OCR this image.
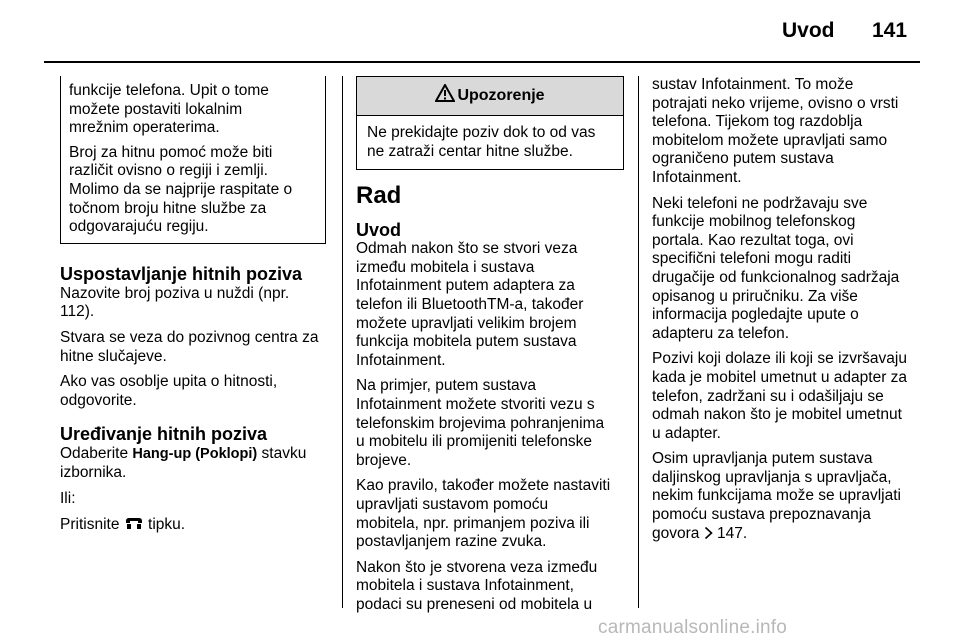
Uvod 141

funkcije telefona. Upit o tome
možete postaviti lokalnim
mrežnim operaterima.

Broj za hitnu pomoć može biti
različit ovisno o regiji i zemlji.
Molimo da se najprije raspitate o
točnom broju hitne službe za
odgovarajuću regiju.

Uspostavljanje hitnih poziva

Nazovite broj poziva u nuždi (npr.
112).

Stvara se veza do pozivnog centra za
hitne slučajeve.

Ako vas osoblje upita o hitnosti,
odgovorite.

Uređivanje hitnih poziva

Odaberite Hang-up (Poklopi) stavku
izbornika.

Ili:

Pritisnite  tipku.

Upozorenje

Ne prekidajte poziv dok to od vas
ne zatraži centar hitne službe.

Rad
Uvod

Odmah nakon što se stvori veza
između mobitela i sustava
Infotainment putem adaptera za
telefon ili BluetoothTM-a, također
možete upravljati velikim brojem
funkcija mobitela putem sustava
Infotainment.

Na primjer, putem sustava
Infotainment možete stvoriti vezu s
telefonskim brojevima pohranjenima
u mobitelu ili promijeniti telefonske
brojeve.

Kao pravilo, također možete nastaviti
upravljati sustavom pomoću
mobitela, npr. primanjem poziva ili
postavljanjem razine zvuka.

Nakon što je stvorena veza između
mobitela i sustava Infotainment,
podaci su preneseni od mobitela u

sustav Infotainment. To može
potrajati neko vrijeme, ovisno o vrsti
telefona. Tijekom tog razdoblja
mobitelom možete upravljati samo
ograničeno putem sustava
Infotainment.

Neki telefoni ne podržavaju sve
funkcije mobilnog telefonskog
portala. Kao rezultat toga, ovi
specifični telefoni mogu raditi
drugačije od funkcionalnog sadržaja
opisanog u priručniku. Za više
informacija pogledajte upute o
adapteru za telefon.

Pozivi koji dolaze ili koji se izvršavaju
kada je mobitel umetnut u adapter za
telefon, zadržani su i odašiljaju se
odmah nakon što je mobitel umetnut
u adapter.

Osim upravljanja putem sustava
daljinskog upravljanja s upravljača,
nekim funkcijama može se upravljati
pomoću sustava prepoznavanja
govora  147.

carmanualsonline.info
